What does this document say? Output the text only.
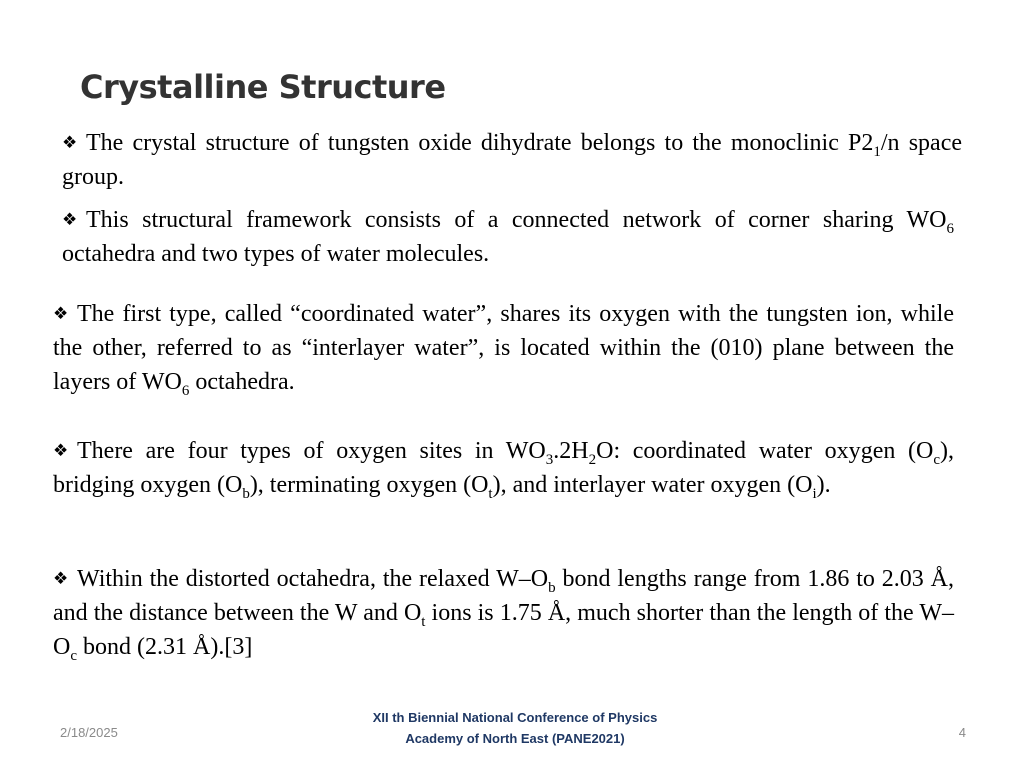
Crystalline Structure
❖ The crystal structure of tungsten oxide dihydrate belongs to the monoclinic $P2_1/n$ space group.
❖ This structural framework consists of a connected network of corner sharing $WO_6$ octahedra and two types of water molecules.
❖ The first type, called “coordinated water”, shares its oxygen with the tungsten ion, while the other, referred to as “interlayer water”, is located within the (010) plane between the layers of $WO_6$ octahedra.
❖ There are four types of oxygen sites in $WO_3.2H_2O$: coordinated water oxygen $(O_c)$, bridging oxygen $(O_b)$, terminating oxygen $(O_t)$, and interlayer water oxygen $(O_i)$.
❖ Within the distorted octahedra, the relaxed $W-O_b$ bond lengths range from 1.86 to 2.03 Å, and the distance between the W and $O_t$ ions is 1.75 Å, much shorter than the length of the $W-O_c$ bond (2.31 Å).[3]
2/18/2025
XII th Biennial National Conference of Physics
Academy of North East (PANE2021)	4
